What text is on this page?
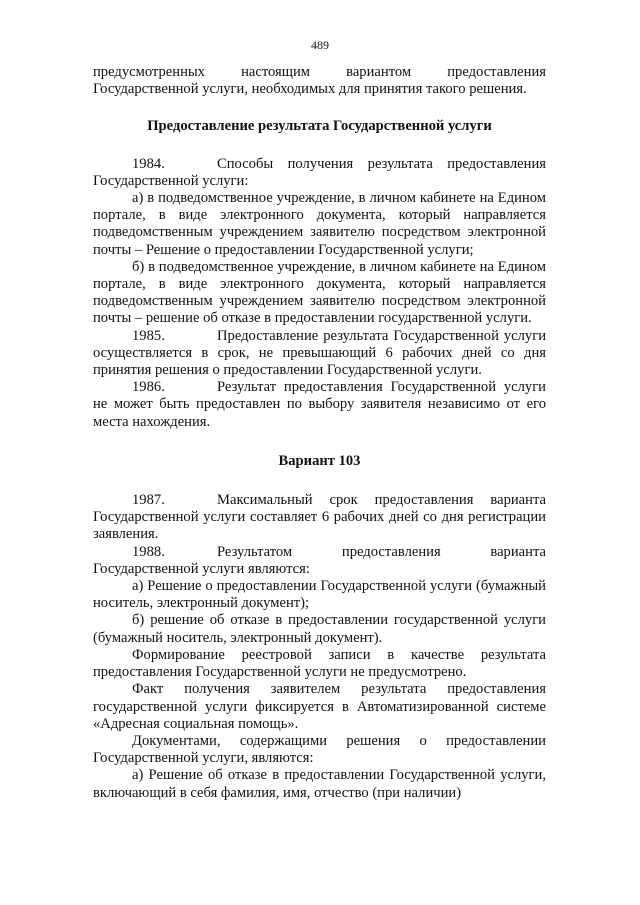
489

предусмотренных настоящим вариантом предоставления

Государственной услуги, необходимых для принятия такого решения.

Предоставление результата Государственной услуги

1984.	Способы получения результата предоставления Государственной услуги:

а) в подведомственное учреждение, в личном кабинете на Едином портале, в виде электронного документа, который направляется подведомственным учреждением заявителю посредством электронной почты – Решение о предоставлении Государственной услуги;

б) в подведомственное учреждение, в личном кабинете на Едином портале, в виде электронного документа, который направляется подведомственным учреждением заявителю посредством электронной почты – решение об отказе в предоставлении государственной услуги.

1985.	Предоставление результата Государственной услуги осуществляется в срок, не превышающий 6 рабочих дней со дня принятия решения о предоставлении Государственной услуги.

1986.	Результат предоставления Государственной услуги не может быть предоставлен по выбору заявителя независимо от его места нахождения.

Вариант 103

1987.	Максимальный срок предоставления варианта Государственной услуги составляет 6 рабочих дней со дня регистрации заявления.

1988.	Результатом предоставления варианта Государственной услуги являются:

а) Решение о предоставлении Государственной услуги (бумажный носитель, электронный документ);

б) решение об отказе в предоставлении государственной услуги (бумажный носитель, электронный документ).

Формирование реестровой записи в качестве результата предоставления Государственной услуги не предусмотрено.

Факт получения заявителем результата предоставления государственной услуги фиксируется в Автоматизированной системе «Адресная социальная помощь».

Документами, содержащими решения о предоставлении Государственной услуги, являются:

а) Решение об отказе в предоставлении Государственной услуги, включающий в себя фамилия, имя, отчество (при наличии)
